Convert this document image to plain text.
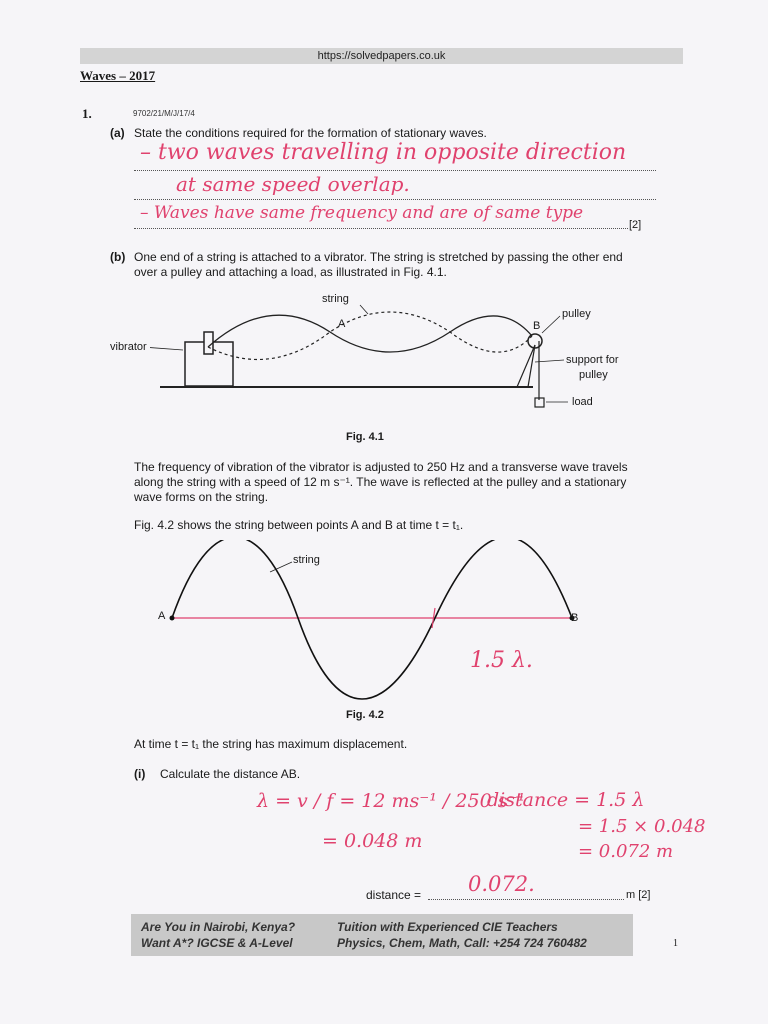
https://solvedpapers.co.uk
Waves – 2017
1.	9702/21/M/J/17/4
(a) State the conditions required for the formation of stationary waves.
[2]
– two waves travelling in opposite direction
at same speed overlap.
– Waves have same frequency and are of same type
(b) One end of a string is attached to a vibrator. The string is stretched by passing the other end
over a pulley and attaching a load, as illustrated in Fig. 4.1.
string
A	B
pulley
vibrator
support for
pulley
load
Fig. 4.1
The frequency of vibration of the vibrator is adjusted to 250 Hz and a transverse wave travels
along the string with a speed of 12 m s⁻¹. The wave is reflected at the pulley and a stationary
wave forms on the string.
Fig. 4.2 shows the string between points A and B at time t = t₁.
string
A	B
1.5 λ.
Fig. 4.2
At time t = t₁ the string has maximum displacement.
(i) Calculate the distance AB.
λ = v / f = 12 ms⁻¹ / 250 s⁻¹
= 0.048 m
distance = 1.5 λ
= 1.5 × 0.048
= 0.072 m
distance = 0.072.	m [2]
Are You in Nairobi, Kenya?
Want A*? IGCSE & A-Level
Tuition with Experienced CIE Teachers
Physics, Chem, Math, Call: +254 724 760482	1
